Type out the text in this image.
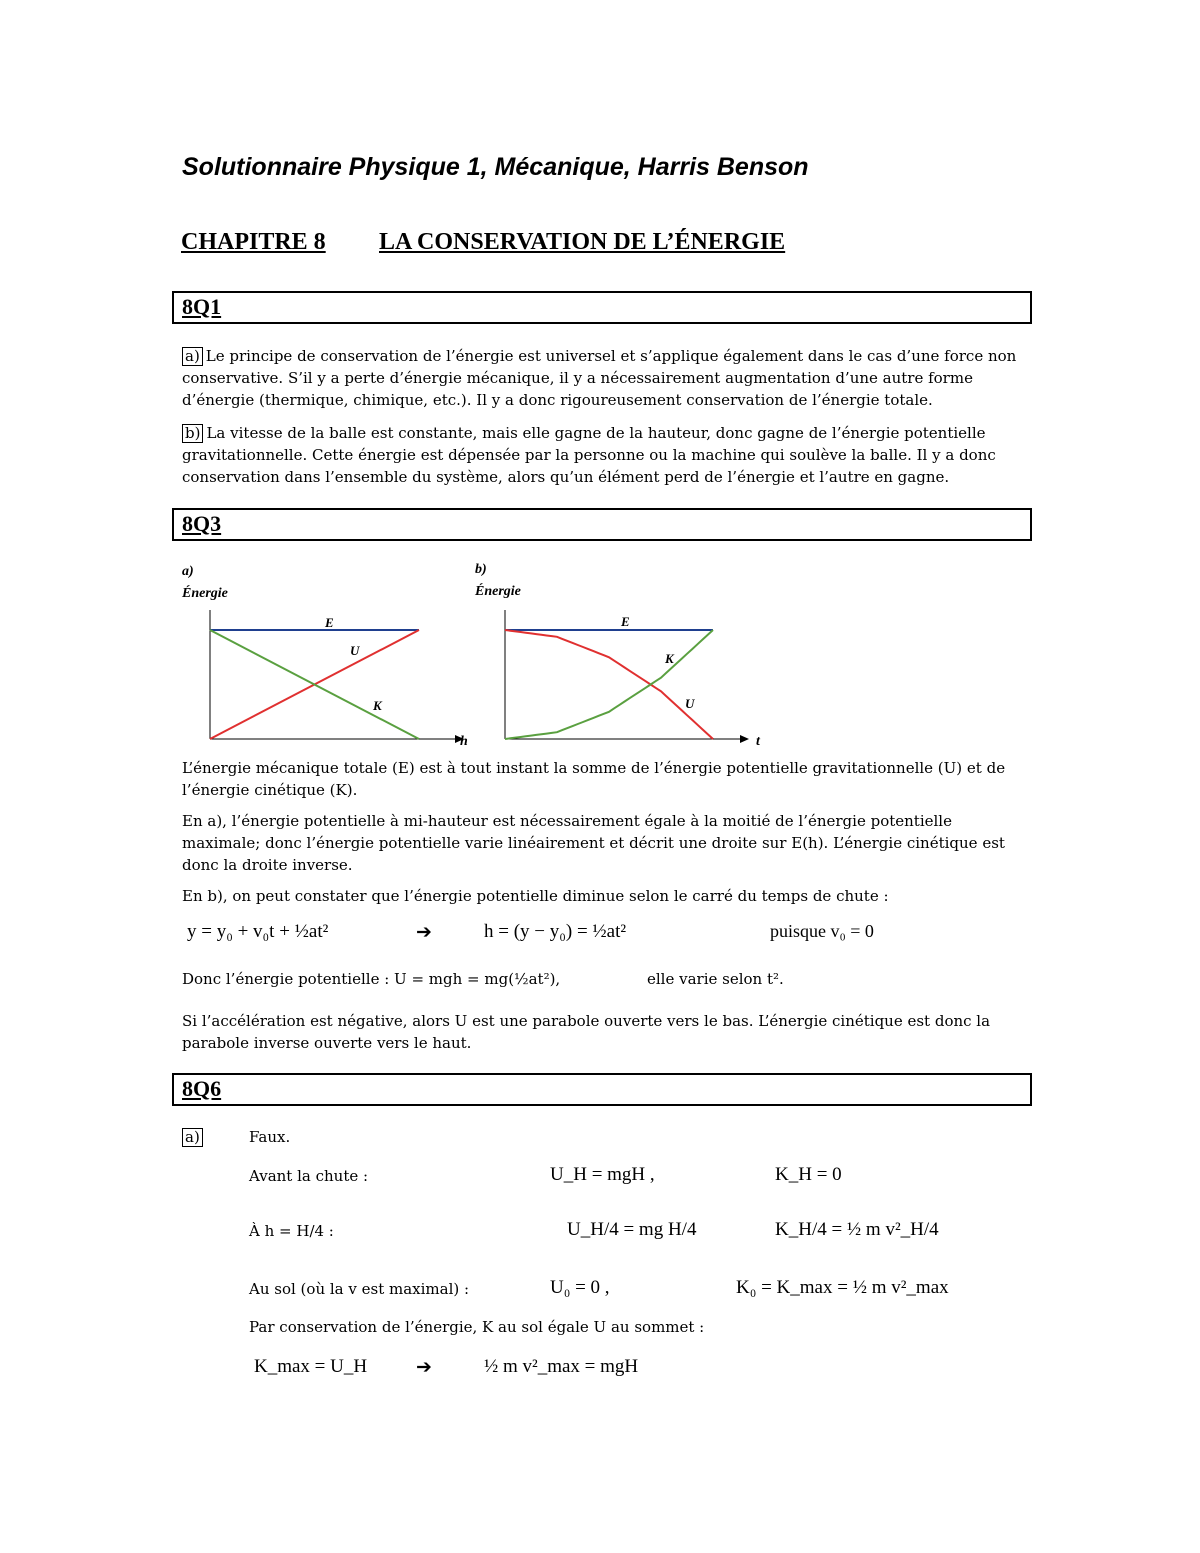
Solutionnaire Physique 1, Mécanique, Harris Benson
CHAPITRE 8 LA CONSERVATION DE L’ÉNERGIE
8Q1
a) Le principe de conservation de l’énergie est universel et s’applique également dans le cas d’une force non conservative. S’il y a perte d’énergie mécanique, il y a nécessairement augmentation d’une autre forme d’énergie (thermique, chimique, etc.). Il y a donc rigoureusement conservation de l’énergie totale.
b) La vitesse de la balle est constante, mais elle gagne de la hauteur, donc gagne de l’énergie potentielle gravitationnelle. Cette énergie est dépensée par la personne ou la machine qui soulève la balle. Il y a donc conservation dans l’ensemble du système, alors qu’un élément perd de l’énergie et l’autre en gagne.
8Q3
a)
Énergie
h
E
U
K
b)
Énergie
t
E
U
K
L’énergie mécanique totale (E) est à tout instant la somme de l’énergie potentielle gravitationnelle (U) et de l’énergie cinétique (K).
En a), l’énergie potentielle à mi-hauteur est nécessairement égale à la moitié de l’énergie potentielle maximale; donc l’énergie potentielle varie linéairement et décrit une droite sur E(h). L’énergie cinétique est donc la droite inverse.
En b), on peut constater que l’énergie potentielle diminue selon le carré du temps de chute :
y = y₀ + v₀t + ½at²	➔	h = (y − y₀) = ½at²	puisque v₀ = 0
Donc l’énergie potentielle : U = mgh = mg(½at²),	elle varie selon t².
Si l’accélération est négative, alors U est une parabole ouverte vers le bas. L’énergie cinétique est donc la parabole inverse ouverte vers le haut.
8Q6
a)	Faux.
Avant la chute :	U_H = mgH ,	K_H = 0
À h = H/4 :	U_H/4 = mg H/4	K_H/4 = ½ m v²_H/4
Au sol (où la v est maximal) :	U₀ = 0 ,	K₀ = K_max = ½ m v²_max
Par conservation de l’énergie, K au sol égale U au sommet :
K_max = U_H	➔	½ m v²_max = mgH
